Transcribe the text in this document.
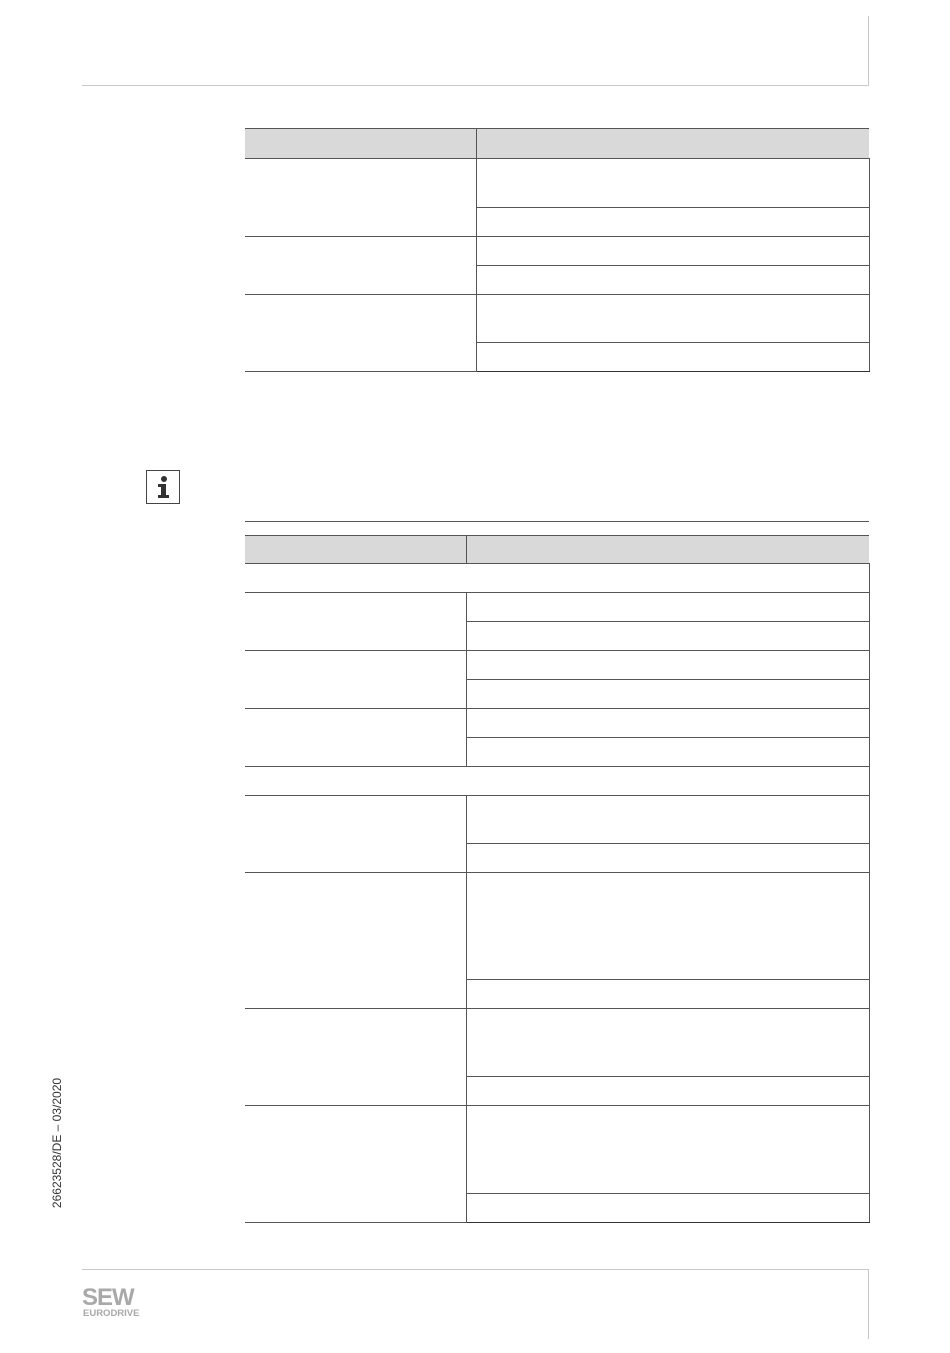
26623528/DE – 03/2020
SEW
EURODRIVE
